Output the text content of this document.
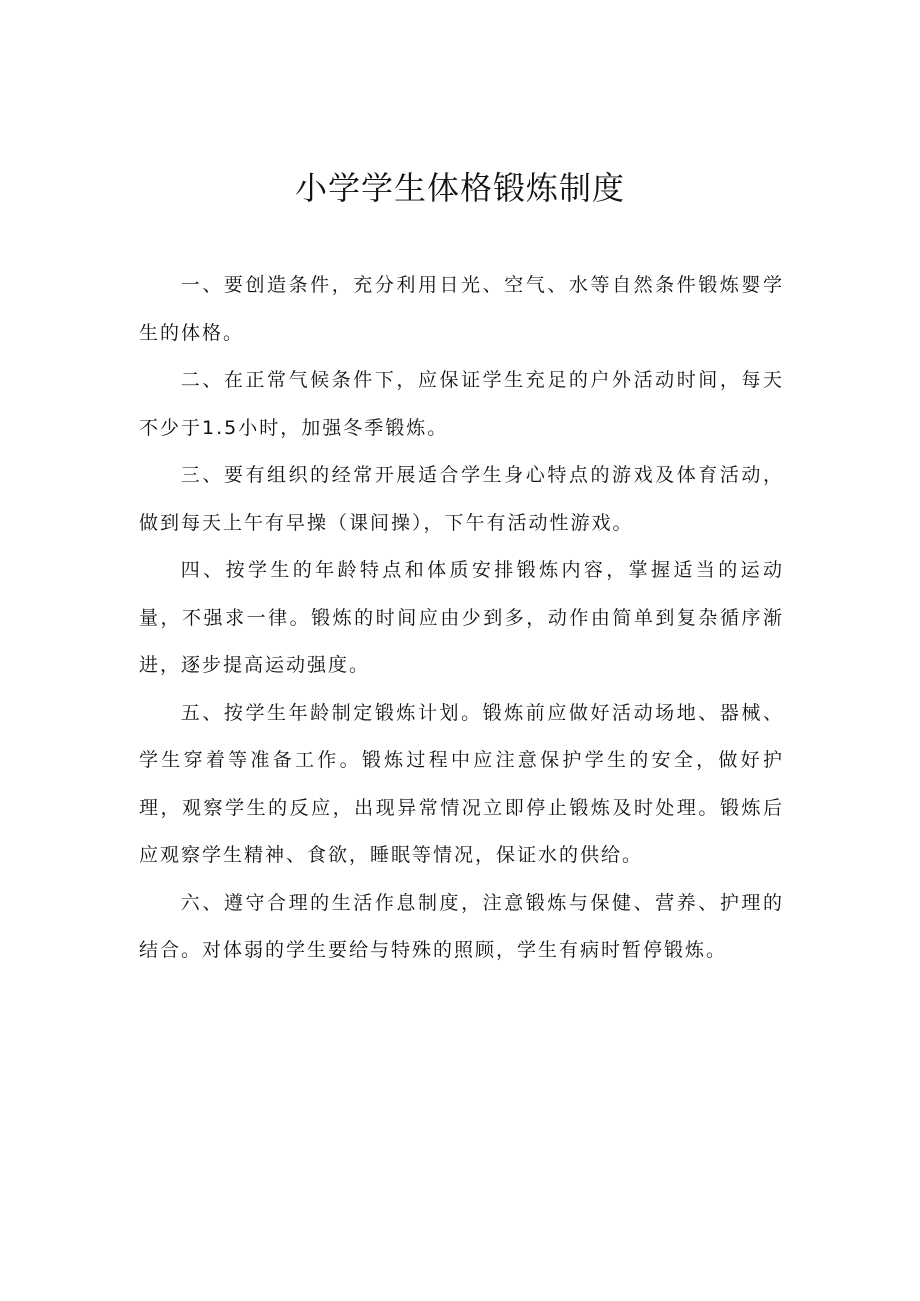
小学学生体格锻炼制度

一、要创造条件，充分利用日光、空气、水等自然条件锻炼婴学生的体格。

二、在正常气候条件下，应保证学生充足的户外活动时间，每天不少于1.5小时，加强冬季锻炼。

三、要有组织的经常开展适合学生身心特点的游戏及体育活动，做到每天上午有早操（课间操），下午有活动性游戏。

四、按学生的年龄特点和体质安排锻炼内容，掌握适当的运动量，不强求一律。锻炼的时间应由少到多，动作由简单到复杂循序渐进，逐步提高运动强度。

五、按学生年龄制定锻炼计划。锻炼前应做好活动场地、器械、学生穿着等准备工作。锻炼过程中应注意保护学生的安全，做好护理，观察学生的反应，出现异常情况立即停止锻炼及时处理。锻炼后应观察学生精神、食欲，睡眠等情况，保证水的供给。

六、遵守合理的生活作息制度，注意锻炼与保健、营养、护理的结合。对体弱的学生要给与特殊的照顾，学生有病时暂停锻炼。
